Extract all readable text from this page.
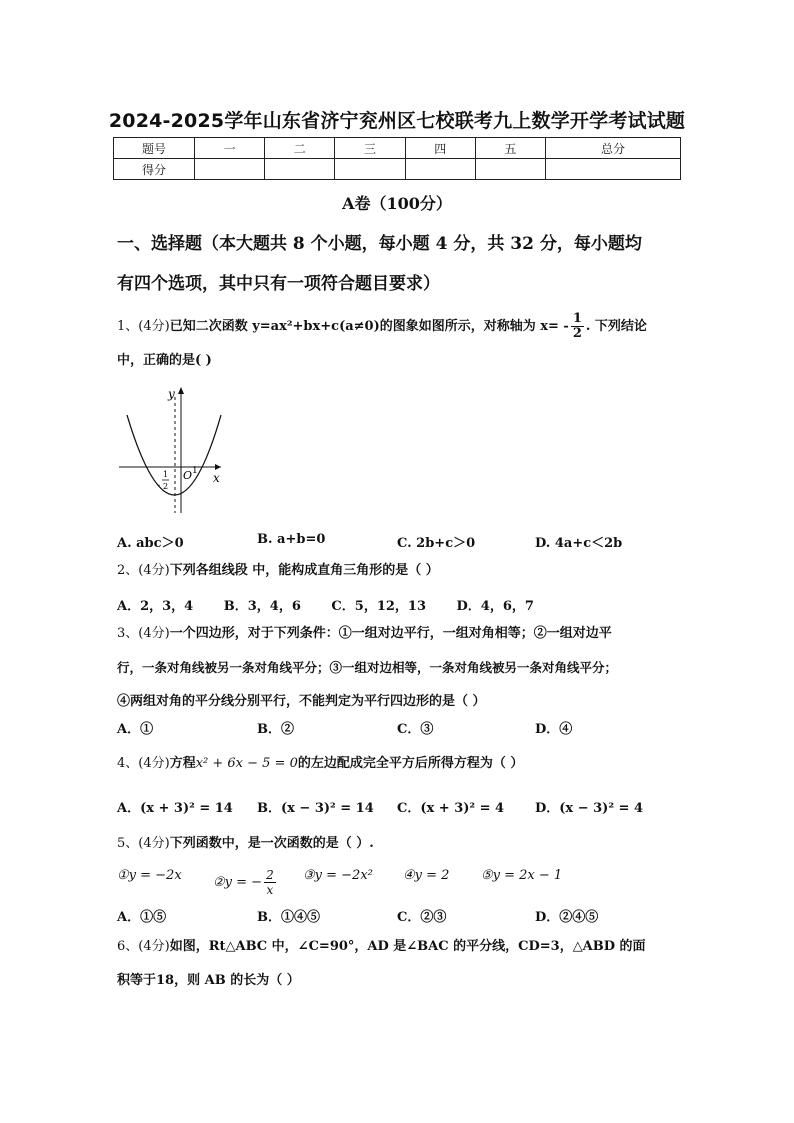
2024-2025学年山东省济宁兖州区七校联考九上数学开学考试试题
题号	一	二	三	四	五	总分
得分						
A卷（100分）
一、选择题（本大题共 8 个小题，每小题 4 分，共 32 分，每小题均
有四个选项，其中只有一项符合题目要求）
1、(4分)已知二次函数 y=ax²+bx+c(a≠0)的图象如图所示，对称轴为 $x= - \frac{1}{2}$ . 下列结论
中，正确的是( )
y
x
O 1
-
1
2
A. abc＞0	B. a+b=0	C. 2b+c＞0	D. 4a+c＜2b
2、(4分)下列各组线段 中，能构成直角三角形的是（ ）
A．2，3，4 B．3，4，6 C．5，12，13 D．4，6，7
3、(4分)一个四边形，对于下列条件：①一组对边平行，一组对角相等；②一组对边平
行，一条对角线被另一条对角线平分；③一组对边相等，一条对角线被另一条对角线平分；
④两组对角的平分线分别平行，不能判定为平行四边形的是（ ）
A．①	B．②	C．③	D．④
4、(4分)方程x² + 6x − 5 = 0的左边配成完全平方后所得方程为（ ）
A．(x + 3)² = 14 B．(x − 3)² = 14 C．(x + 3)² = 4 D．(x − 3)² = 4
5、(4分)下列函数中，是一次函数的是（ ）.
①y = −2x ②y = − $\frac{2}{x}$ ③y = −2x² ④y = 2 ⑤y = 2x − 1
A．①⑤	B．①④⑤	C．②③	D．②④⑤
6、(4分)如图，Rt△ABC 中，∠C=90°，AD 是∠BAC 的平分线，CD=3，△ABD 的面
积等于18，则 AB 的长为（ ）
